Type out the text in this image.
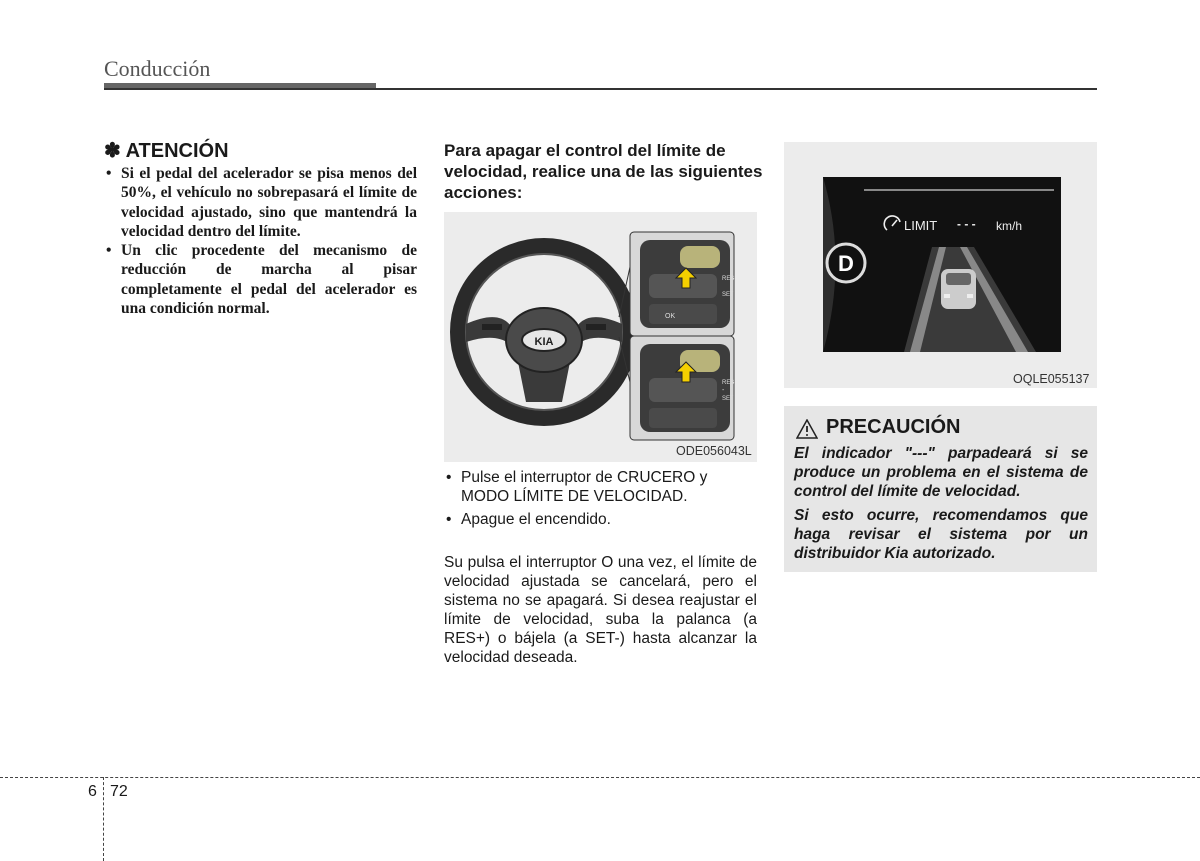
Conducción
✽ ATENCIÓN
• Si el pedal del acelerador se pisa menos del 50%, el vehículo no sobrepasará el límite de velocidad ajustado, sino que mantendrá la velocidad dentro del límite.
• Un clic procedente del mecanismo de reducción de marcha al pisar completamente el pedal del acelerador es una condición normal.
Para apagar el control del límite de velocidad, realice una de las siguientes acciones:
KIA
OK
RES
SET
RES
SET
-
ODE056043L
• Pulse el interruptor de CRUCERO y MODO LÍMITE DE VELOCIDAD.
• Apague el encendido.
Su pulsa el interruptor O una vez, el límite de velocidad ajustada se cancelará, pero el sistema no se apagará. Si desea reajustar el límite de velocidad, suba la palanca (a RES+) o bájela (a SET-) hasta alcanzar la velocidad deseada.
D
LIMIT - - - km/h
OQLE055137
PRECAUCIÓN

El indicador "---" parpadeará si se produce un problema en el sistema de control del límite de velocidad.

Si esto ocurre, recomendamos que haga revisar el sistema por un distribuidor Kia autorizado.

6 72
